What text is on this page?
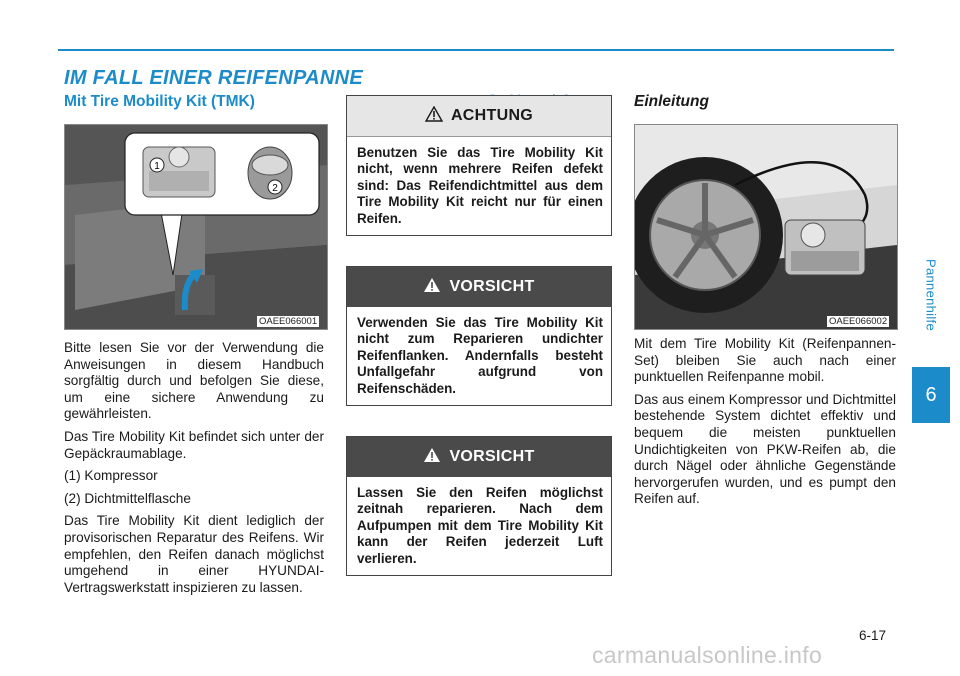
IM FALL EINER REIFENPANNE
Mit Tire Mobility Kit (TMK)
1
2
OAEE066001

Bitte lesen Sie vor der Verwendung die Anweisungen in diesem Handbuch sorgfältig durch und befolgen Sie diese, um eine sichere Anwendung zu gewährleisten.

Das Tire Mobility Kit befindet sich unter der Gepäckraumablage.

(1) Kompressor

(2) Dichtmittelflasche

Das Tire Mobility Kit dient lediglich der provisorischen Reparatur des Reifens. Wir empfehlen, den Reifen danach möglichst umgehend in einer HYUNDAI-Vertragswerkstatt inspizieren zu lassen.

ACHTUNG
Benutzen Sie das Tire Mobility Kit nicht, wenn mehrere Reifen defekt sind: Das Reifendichtmittel aus dem Tire Mobility Kit reicht nur für einen Reifen.
VORSICHT
Verwenden Sie das Tire Mobility Kit nicht zum Reparieren undichter Reifenflanken. Andernfalls besteht Unfallgefahr aufgrund von Reifenschäden.
VORSICHT
Lassen Sie den Reifen möglichst zeitnah reparieren. Nach dem Aufpumpen mit dem Tire Mobility Kit kann der Reifen jederzeit Luft verlieren.
Einleitung
OAEE066002

Mit dem Tire Mobility Kit (Reifenpannen-Set) bleiben Sie auch nach einer punktuellen Reifenpanne mobil.

Das aus einem Kompressor und Dichtmittel bestehende System dichtet effektiv und bequem die meisten punktuellen Undichtigkeiten von PKW-Reifen ab, die durch Nägel oder ähnliche Gegenstände hervorgerufen wurden, und es pumpt den Reifen auf.

Pannenhilfe
6
6-17
carmanualsonline.info
